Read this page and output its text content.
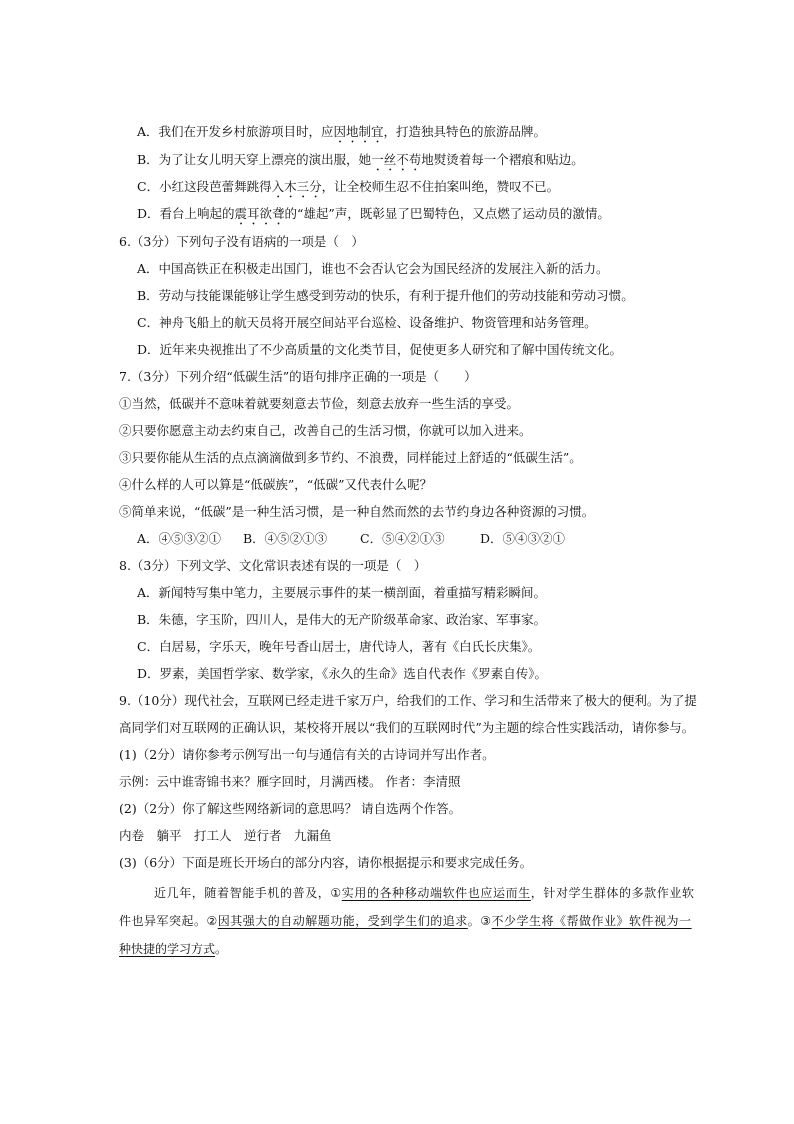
A．我们在开发乡村旅游项目时，应因地制宜，打造独具特色的旅游品牌。
B．为了让女儿明天穿上漂亮的演出服，她一丝不苟地熨烫着每一个褶痕和贴边。
C．小红这段芭蕾舞跳得入木三分，让全校师生忍不住拍案叫绝，赞叹不已。
D．看台上响起的震耳欲聋的“雄起”声，既彰显了巴蜀特色，又点燃了运动员的激情。
6.（3分）下列句子没有语病的一项是（　）
A．中国高铁正在积极走出国门，谁也不会否认它会为国民经济的发展注入新的活力。
B．劳动与技能课能够让学生感受到劳动的快乐，有利于提升他们的劳动技能和劳动习惯。
C．神舟飞船上的航天员将开展空间站平台巡检、设备维护、物资管理和站务管理。
D．近年来央视推出了不少高质量的文化类节目，促使更多人研究和了解中国传统文化。
7.（3分）下列介绍“低碳生活”的语句排序正确的一项是（　　）
①当然，低碳并不意味着就要刻意去节俭，刻意去放弃一些生活的享受。
②只要你愿意主动去约束自己，改善自己的生活习惯，你就可以加入进来。
③只要你能从生活的点点滴滴做到多节约、不浪费，同样能过上舒适的“低碳生活”。
④什么样的人可以算是“低碳族”，“低碳”又代表什么呢？
⑤简单来说，“低碳”是一种生活习惯，是一种自然而然的去节约身边各种资源的习惯。
A．④⑤③②① B．④⑤②①③	C．⑤④②①③	D．⑤④③②①
8.（3分）下列文学、文化常识表述有误的一项是（　）
A．新闻特写集中笔力，主要展示事件的某一横剖面，着重描写精彩瞬间。
B．朱德，字玉阶，四川人，是伟大的无产阶级革命家、政治家、军事家。
C．白居易，字乐天，晚年号香山居士，唐代诗人，著有《白氏长庆集》。
D．罗素，美国哲学家、数学家，《永久的生命》选自代表作《罗素自传》。
9.（10分）现代社会，互联网已经走进千家万户，给我们的工作、学习和生活带来了极大的便利。为了提
高同学们对互联网的正确认识，某校将开展以“我们的互联网时代”为主题的综合性实践活动，请你参与。
(1)（2分）请你参考示例写出一句与通信有关的古诗词并写出作者。
示例：云中谁寄锦书来？雁字回时，月满西楼。 作者：李清照
(2)（2分）你了解这些网络新词的意思吗？ 请自选两个作答。
内卷　躺平　打工人　逆行者　九漏鱼
(3)（6分）下面是班长开场白的部分内容，请你根据提示和要求完成任务。
近几年，随着智能手机的普及，①实用的各种移动端软件也应运而生，针对学生群体的多款作业软
件也异军突起。②因其强大的自动解题功能，受到学生们的追求。③不少学生将《帮做作业》软件视为一
种快捷的学习方式。
